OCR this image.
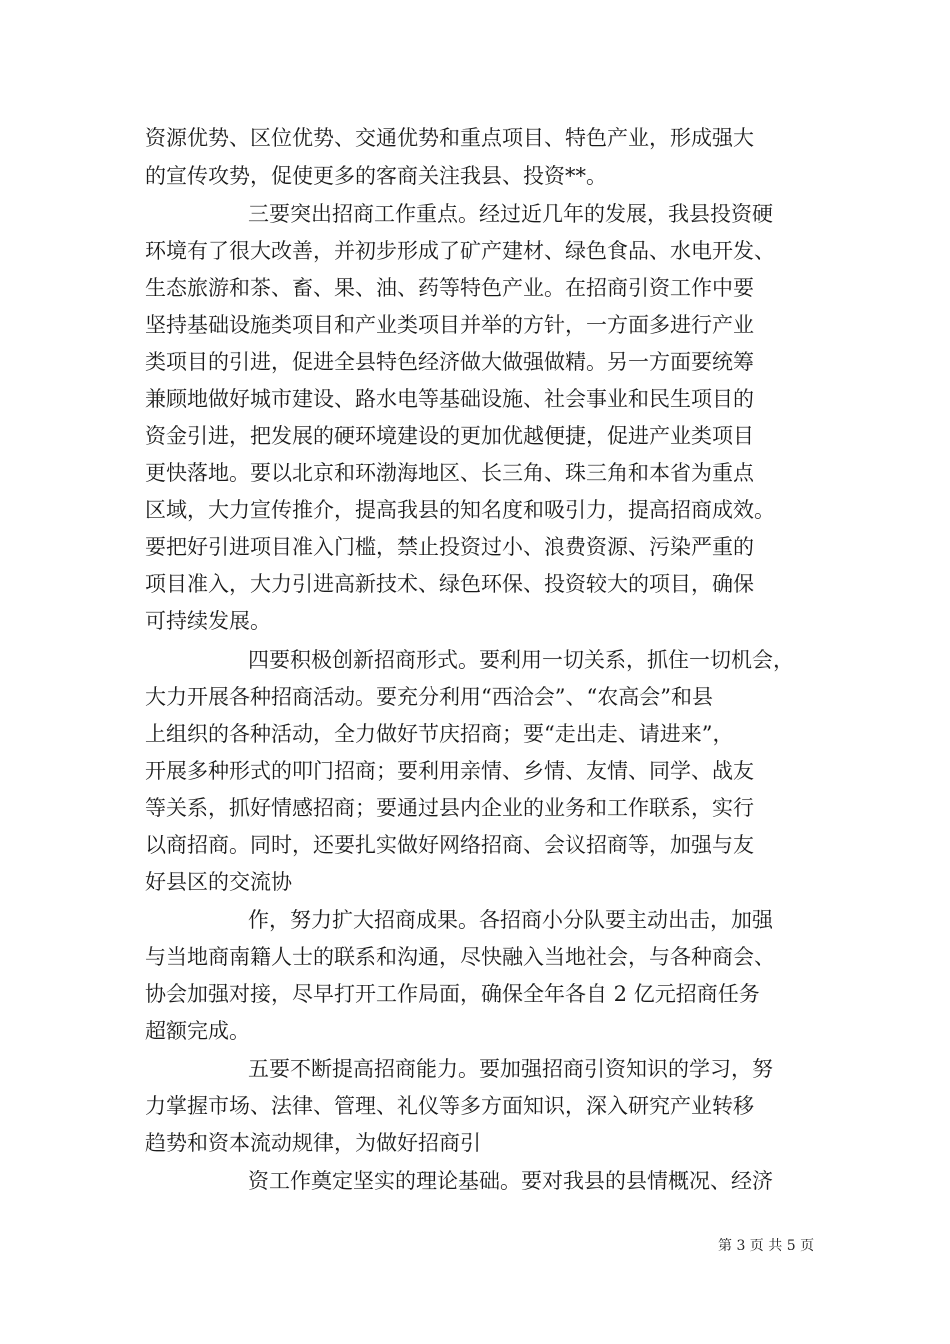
资源优势、区位优势、交通优势和重点项目、特色产业，形成强大
的宣传攻势，促使更多的客商关注我县、投资**。
三要突出招商工作重点。经过近几年的发展，我县投资硬
环境有了很大改善，并初步形成了矿产建材、绿色食品、水电开发、
生态旅游和茶、畜、果、油、药等特色产业。在招商引资工作中要
坚持基础设施类项目和产业类项目并举的方针，一方面多进行产业
类项目的引进，促进全县特色经济做大做强做精。另一方面要统筹
兼顾地做好城市建设、路水电等基础设施、社会事业和民生项目的
资金引进，把发展的硬环境建设的更加优越便捷，促进产业类项目
更快落地。要以北京和环渤海地区、长三角、珠三角和本省为重点
区域，大力宣传推介，提高我县的知名度和吸引力，提高招商成效。
要把好引进项目准入门槛，禁止投资过小、浪费资源、污染严重的
项目准入，大力引进高新技术、绿色环保、投资较大的项目，确保
可持续发展。
四要积极创新招商形式。要利用一切关系，抓住一切机会，
大力开展各种招商活动。要充分利用“西洽会”、“农高会”和县
上组织的各种活动，全力做好节庆招商；要“走出走、请进来”，
开展多种形式的叩门招商；要利用亲情、乡情、友情、同学、战友
等关系，抓好情感招商；要通过县内企业的业务和工作联系，实行
以商招商。同时，还要扎实做好网络招商、会议招商等，加强与友
好县区的交流协
作，努力扩大招商成果。各招商小分队要主动出击，加强
与当地商南籍人士的联系和沟通，尽快融入当地社会，与各种商会、
协会加强对接，尽早打开工作局面，确保全年各自 2 亿元招商任务
超额完成。
五要不断提高招商能力。要加强招商引资知识的学习，努
力掌握市场、法律、管理、礼仪等多方面知识，深入研究产业转移
趋势和资本流动规律，为做好招商引
资工作奠定坚实的理论基础。要对我县的县情概况、经济
第 3 页 共 5 页
